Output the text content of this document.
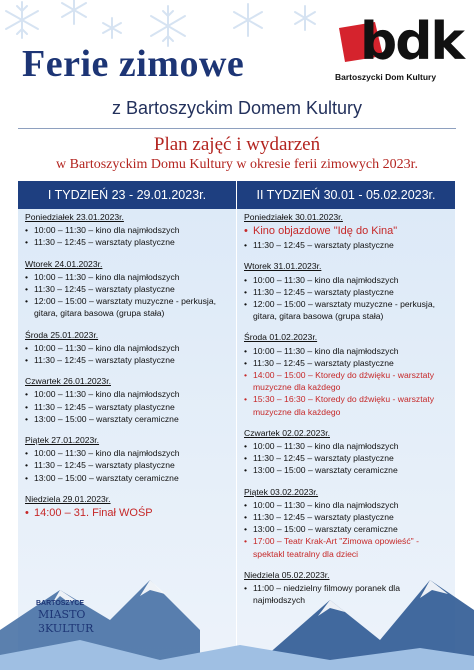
Ferie zimowe bdk
Bartoszycki Dom Kultury
z Bartoszyckim Domem Kultury
Plan zajęć i wydarzeń
w Bartoszyckim Domu Kultury w okresie ferii zimowych 2023r.
I TYDZIEŃ 23 - 29.01.2023r.
Poniedziałek 23.01.2023r.
• 10:00 – 11:30 – kino dla najmłodszych
• 11:30 – 12:45 – warsztaty plastyczne
Wtorek 24.01.2023r.
• 10:00 – 11:30 – kino dla najmłodszych
• 11:30 – 12:45 – warsztaty plastyczne
• 12:00 – 15:00 – warsztaty muzyczne - perkusja, gitara, gitara basowa (grupa stała)
Środa 25.01.2023r.
• 10:00 – 11:30 – kino dla najmłodszych
• 11:30 – 12:45 – warsztaty plastyczne
Czwartek 26.01.2023r.
• 10:00 – 11:30 – kino dla najmłodszych
• 11:30 – 12:45 – warsztaty plastyczne
• 13:00 – 15:00 – warsztaty ceramiczne
Piątek 27.01.2023r.
• 10:00 – 11:30 – kino dla najmłodszych
• 11:30 – 12:45 – warsztaty plastyczne
• 13:00 – 15:00 – warsztaty ceramiczne
Niedziela 29.01.2023r.
• 14:00 – 31. Finał WOŚP
II TYDZIEŃ 30.01 - 05.02.2023r.
Poniedziałek 30.01.2023r.
• Kino objazdowe "Idę do Kina"
• 11:30 – 12:45 – warsztaty plastyczne
Wtorek 31.01.2023r.
• 10:00 – 11:30 – kino dla najmłodszych
• 11:30 – 12:45 – warsztaty plastyczne
• 12:00 – 15:00 – warsztaty muzyczne - perkusja, gitara, gitara basowa (grupa stała)
Środa 01.02.2023r.
• 10:00 – 11:30 – kino dla najmłodszych
• 11:30 – 12:45 – warsztaty plastyczne
• 14:00 – 15:00 – Ktoredy do dźwięku - warsztaty muzyczne dla każdego
• 15:30 – 16:30 – Ktoredy do dźwięku - warsztaty muzyczne dla każdego
Czwartek 02.02.2023r.
• 10:00 – 11:30 – kino dla najmłodszych
• 11:30 – 12:45 – warsztaty plastyczne
• 13:00 – 15:00 – warsztaty ceramiczne
Piątek 03.02.2023r.
• 10:00 – 11:30 – kino dla najmłodszych
• 11:30 – 12:45 – warsztaty plastyczne
• 13:00 – 15:00 – warsztaty ceramiczne
• 17:00 – Teatr Krak-Art "Zimowa opowieść" - spektakl teatralny dla dzieci
Niedziela 05.02.2023r.
• 11:00 – niedzielny filmowy poranek dla najmłodszych
BARTOSZYCE
MIASTO
3KULTUR
